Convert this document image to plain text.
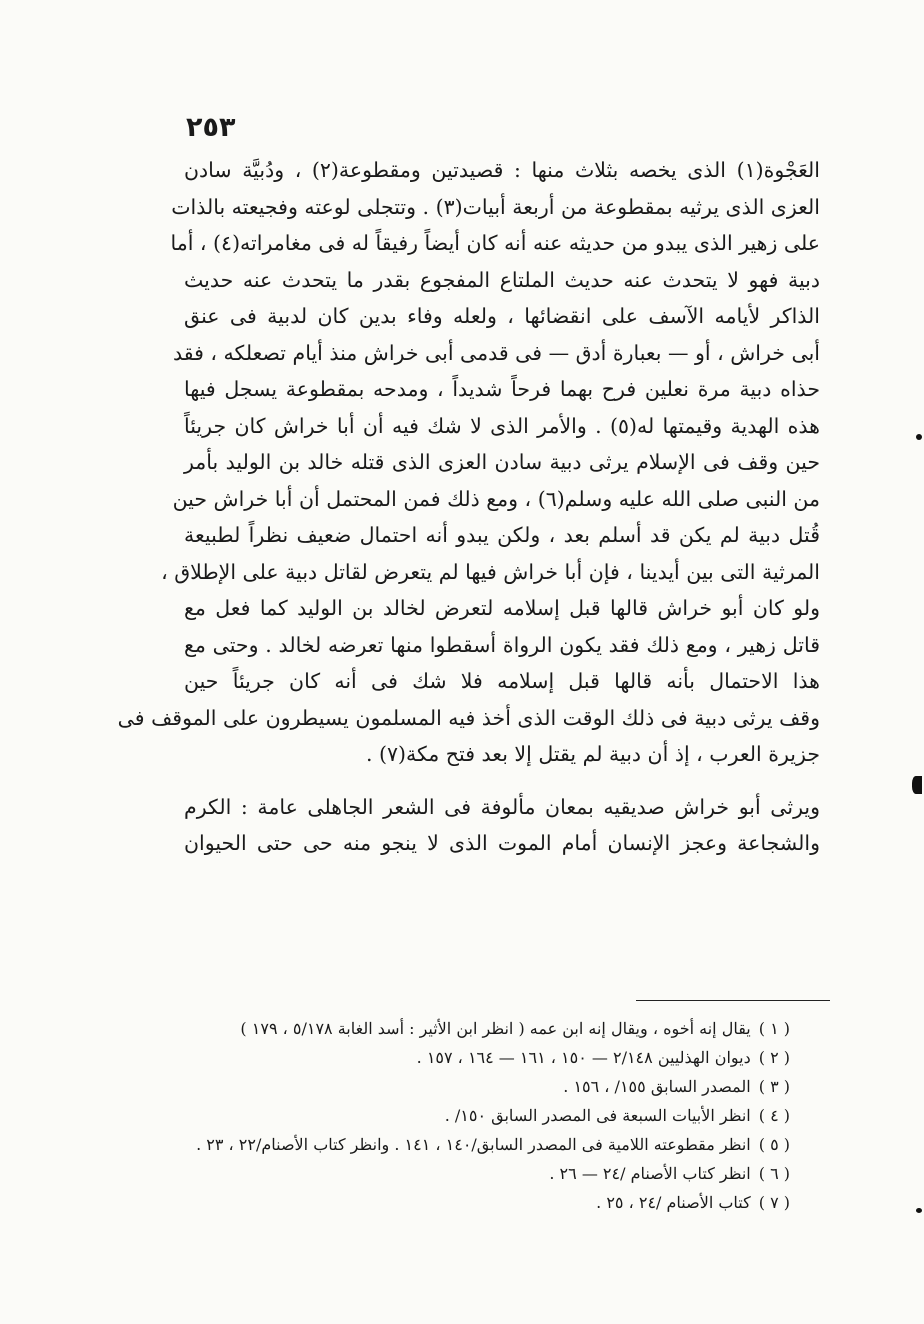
٢٥٣
العَجْوة(١) الذى يخصه بثلاث منها : قصيدتين ومقطوعة(٢) ، ودُبيَّة سادن
العزى الذى يرثيه بمقطوعة من أربعة أبيات(٣) . وتتجلى لوعته وفجيعته بالذات
على زهير الذى يبدو من حديثه عنه أنه كان أيضاً رفيقاً له فى مغامراته(٤) ، أما
دبية فهو لا يتحدث عنه حديث الملتاع المفجوع بقدر ما يتحدث عنه حديث
الذاكر لأيامه الآسف على انقضائها ، ولعله وفاء بدين كان لدبية فى عنق
أبى خراش ، أو — بعبارة أدق — فى قدمى أبى خراش منذ أيام تصعلكه ، فقد
حذاه دبية مرة نعلين فرح بهما فرحاً شديداً ، ومدحه بمقطوعة يسجل فيها
هذه الهدية وقيمتها له(٥) . والأمر الذى لا شك فيه أن أبا خراش كان جريئاً
حين وقف فى الإسلام يرثى دبية سادن العزى الذى قتله خالد بن الوليد بأمر
من النبى صلى الله عليه وسلم(٦) ، ومع ذلك فمن المحتمل أن أبا خراش حين
قُتل دبية لم يكن قد أسلم بعد ، ولكن يبدو أنه احتمال ضعيف نظراً لطبيعة
المرثية التى بين أيدينا ، فإن أبا خراش فيها لم يتعرض لقاتل دبية على الإطلاق ،
ولو كان أبو خراش قالها قبل إسلامه لتعرض لخالد بن الوليد كما فعل مع
قاتل زهير ، ومع ذلك فقد يكون الرواة أسقطوا منها تعرضه لخالد . وحتى مع
هذا الاحتمال بأنه قالها قبل إسلامه فلا شك فى أنه كان جريئاً حين
وقف يرثى دبية فى ذلك الوقت الذى أخذ فيه المسلمون يسيطرون على الموقف فى
جزيرة العرب ، إذ أن دبية لم يقتل إلا بعد فتح مكة(٧) .
ويرثى أبو خراش صديقيه بمعان مألوفة فى الشعر الجاهلى عامة : الكرم
والشجاعة وعجز الإنسان أمام الموت الذى لا ينجو منه حى حتى الحيوان
( ١ )يقال إنه أخوه ، ويقال إنه ابن عمه ( انظر ابن الأثير : أسد الغابة ٥/١٧٨ ، ١٧٩ )
( ٢ )ديوان الهذليين ٢/١٤٨ — ١٥٠ ، ١٦١ — ١٦٤ ، ١٥٧ .
( ٣ )المصدر السابق ١٥٥/ ، ١٥٦ .
( ٤ )انظر الأبيات السبعة فى المصدر السابق ١٥٠/ .
( ٥ )انظر مقطوعته اللامية فى المصدر السابق/١٤٠ ، ١٤١ . وانظر كتاب الأصنام/٢٢ ، ٢٣ .
( ٦ )انظر كتاب الأصنام /٢٤ — ٢٦ .
( ٧ )كتاب الأصنام /٢٤ ، ٢٥ .
